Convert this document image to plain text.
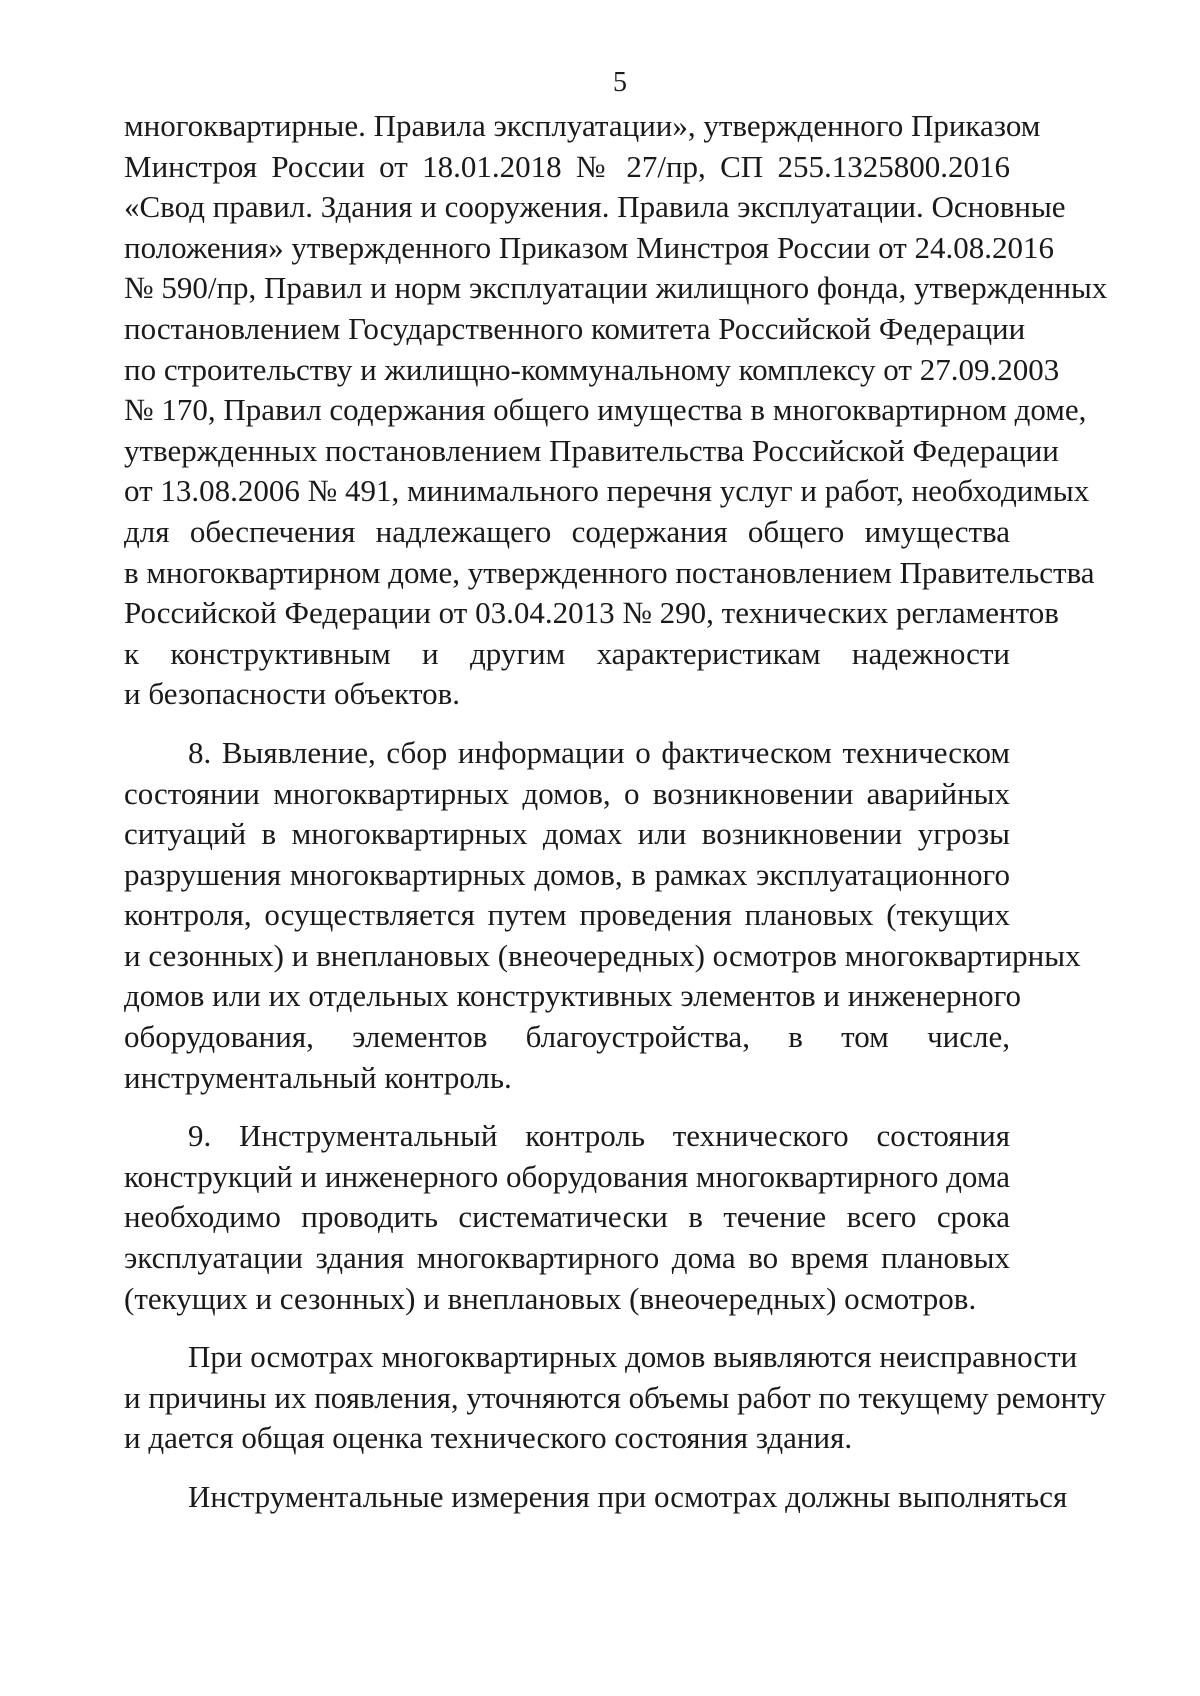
5
многоквартирные. Правила эксплуатации», утвержденного Приказом
Минстроя России от 18.01.2018 № 27/пр, СП 255.1325800.2016
«Свод правил. Здания и сооружения. Правила эксплуатации. Основные
положения» утвержденного Приказом Минстроя России от 24.08.2016
№ 590/пр, Правил и норм эксплуатации жилищного фонда, утвержденных
постановлением Государственного комитета Российской Федерации
по строительству и жилищно-коммунальному комплексу от 27.09.2003
№ 170, Правил содержания общего имущества в многоквартирном доме,
утвержденных постановлением Правительства Российской Федерации
от 13.08.2006 № 491, минимального перечня услуг и работ, необходимых
для обеспечения надлежащего содержания общего имущества
в многоквартирном доме, утвержденного постановлением Правительства
Российской Федерации от 03.04.2013 № 290, технических регламентов
к конструктивным и другим характеристикам надежности
и безопасности объектов.
8. Выявление, сбор информации о фактическом техническом
состоянии многоквартирных домов, о возникновении аварийных
ситуаций в многоквартирных домах или возникновении угрозы
разрушения многоквартирных домов, в рамках эксплуатационного
контроля, осуществляется путем проведения плановых (текущих
и сезонных) и внеплановых (внеочередных) осмотров многоквартирных
домов или их отдельных конструктивных элементов и инженерного
оборудования, элементов благоустройства, в том числе,
инструментальный контроль.
9. Инструментальный контроль технического состояния
конструкций и инженерного оборудования многоквартирного дома
необходимо проводить систематически в течение всего срока
эксплуатации здания многоквартирного дома во время плановых
(текущих и сезонных) и внеплановых (внеочередных) осмотров.
При осмотрах многоквартирных домов выявляются неисправности
и причины их появления, уточняются объемы работ по текущему ремонту
и дается общая оценка технического состояния здания.
Инструментальные измерения при осмотрах должны выполняться
